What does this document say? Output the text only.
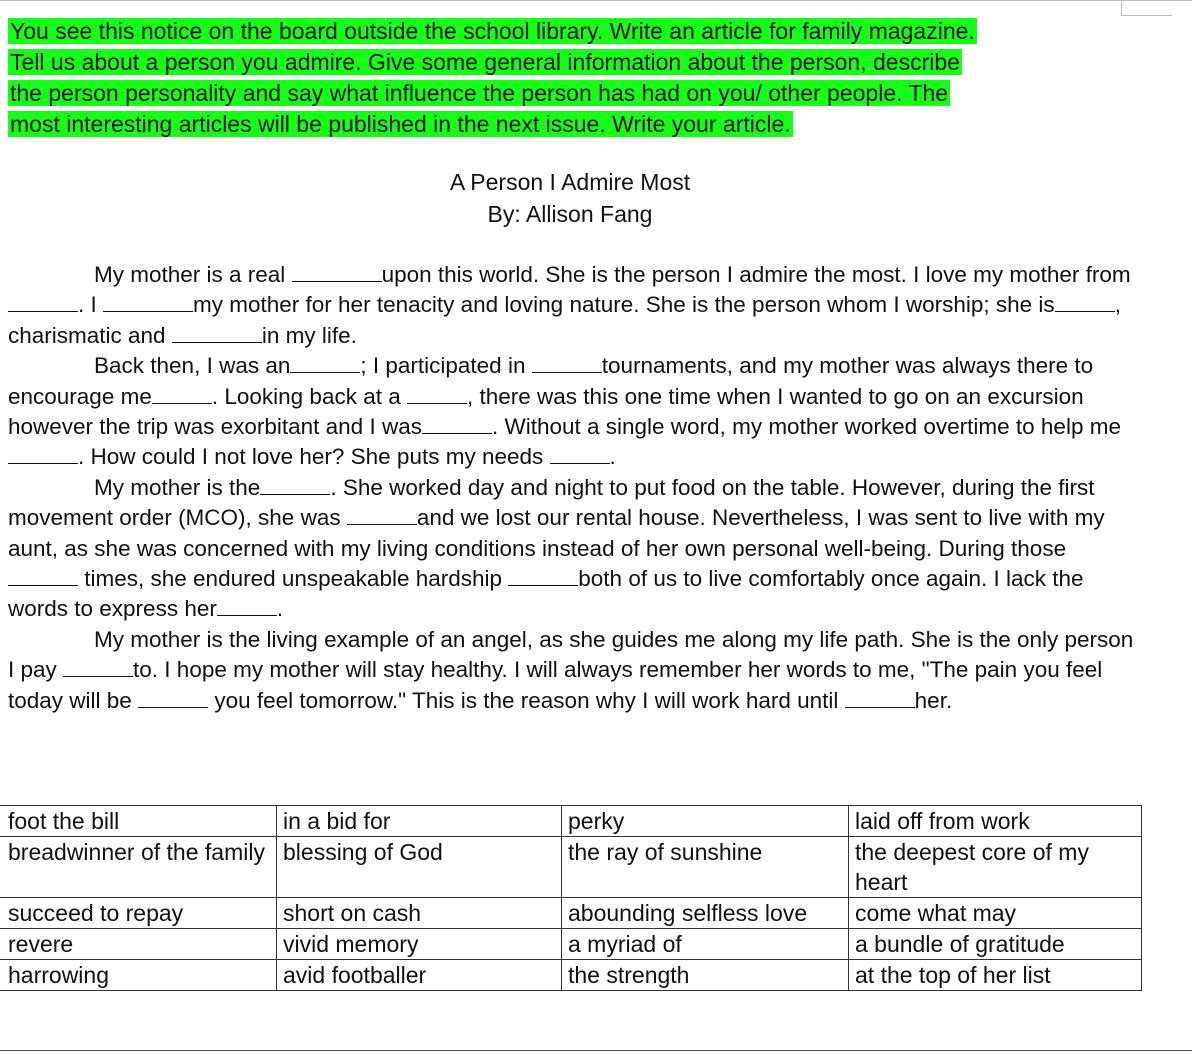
You see this notice on the board outside the school library. Write an article for family magazine.
Tell us about a person you admire. Give some general information about the person, describe
the person personality and say what influence the person has had on you/ other people. The
most interesting articles will be published in the next issue. Write your article.

A Person I Admire Most
By: Allison Fang

My mother is a real	upon this world. She is the person I admire the most. I love my mother from. I	my mother for her tenacity and loving nature. She is the person whom I worship; she is	, charismatic and	in my life.

Back then, I was an	; I participated in	tournaments, and my mother was always there to encourage me	. Looking back at a	, there was this one time when I wanted to go on an excursion however the trip was exorbitant and I was	. Without a single word, my mother worked overtime to help me . How could I not love her? She puts my needs	.

My mother is the	. She worked day and night to put food on the table. However, during the first movement order (MCO), she was	and we lost our rental house. Nevertheless, I was sent to live with my aunt, as she was concerned with my living conditions instead of her own personal well-being. During those  times, she endured unspeakable hardship	both of us to live comfortably once again. I lack the words to express her	.

My mother is the living example of an angel, as she guides me along my life path. She is the only person I pay	to. I hope my mother will stay healthy. I will always remember her words to me, "The pain you feel today will be	you feel tomorrow." This is the reason why I will work hard until	her.

foot the bill	in a bid for	perky	laid off from work
breadwinner of the family	blessing of God	the ray of sunshine	the deepest core of my heart
succeed to repay	short on cash	abounding selfless love	come what may
revere	vivid memory	a myriad of	a bundle of gratitude
harrowing	avid footballer	the strength	at the top of her list
